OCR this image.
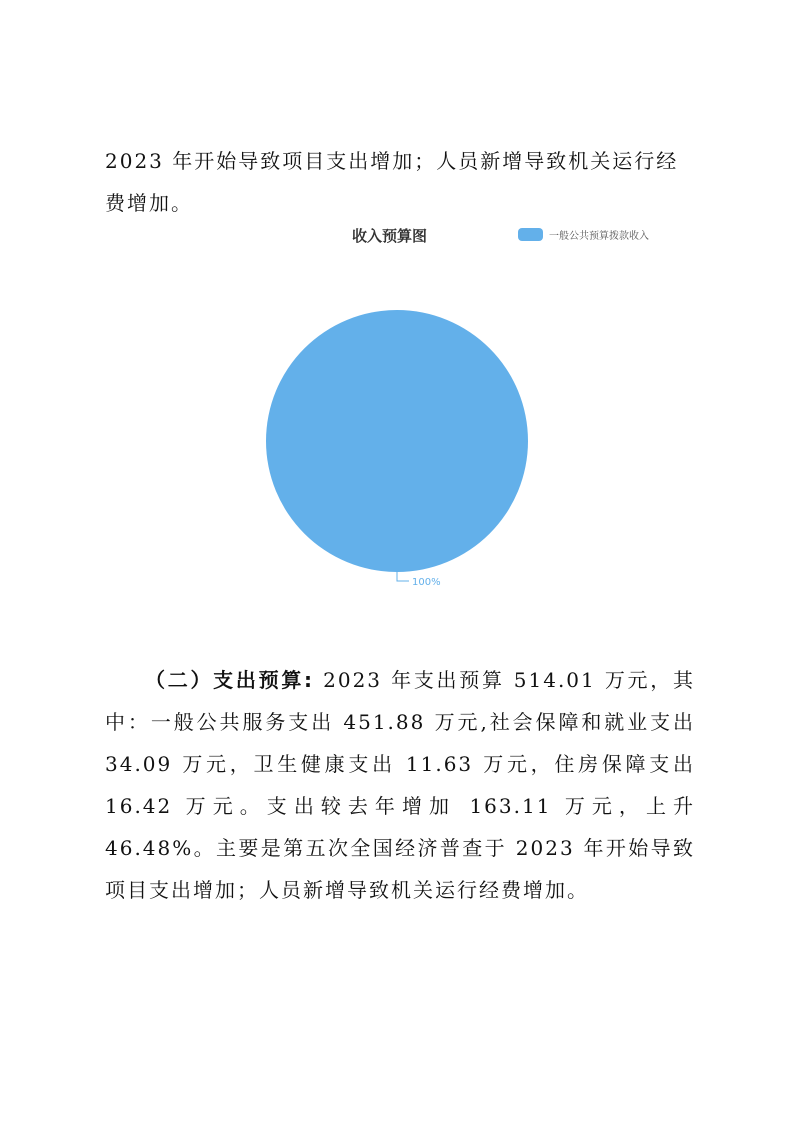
2023 年开始导致项目支出增加；人员新增导致机关运行经费增加。

100%
收入预算图	一般公共预算拨款收入

（二）支出预算: 2023 年支出预算 514.01 万元，其中：一般公共服务支出 451.88 万元,社会保障和就业支出 34.09 万元，卫生健康支出 11.63 万元，住房保障支出 16.42 万元。支出较去年增加 163.11 万元，上升 46.48%。主要是第五次全国经济普查于 2023 年开始导致项目支出增加；人员新增导致机关运行经费增加。
